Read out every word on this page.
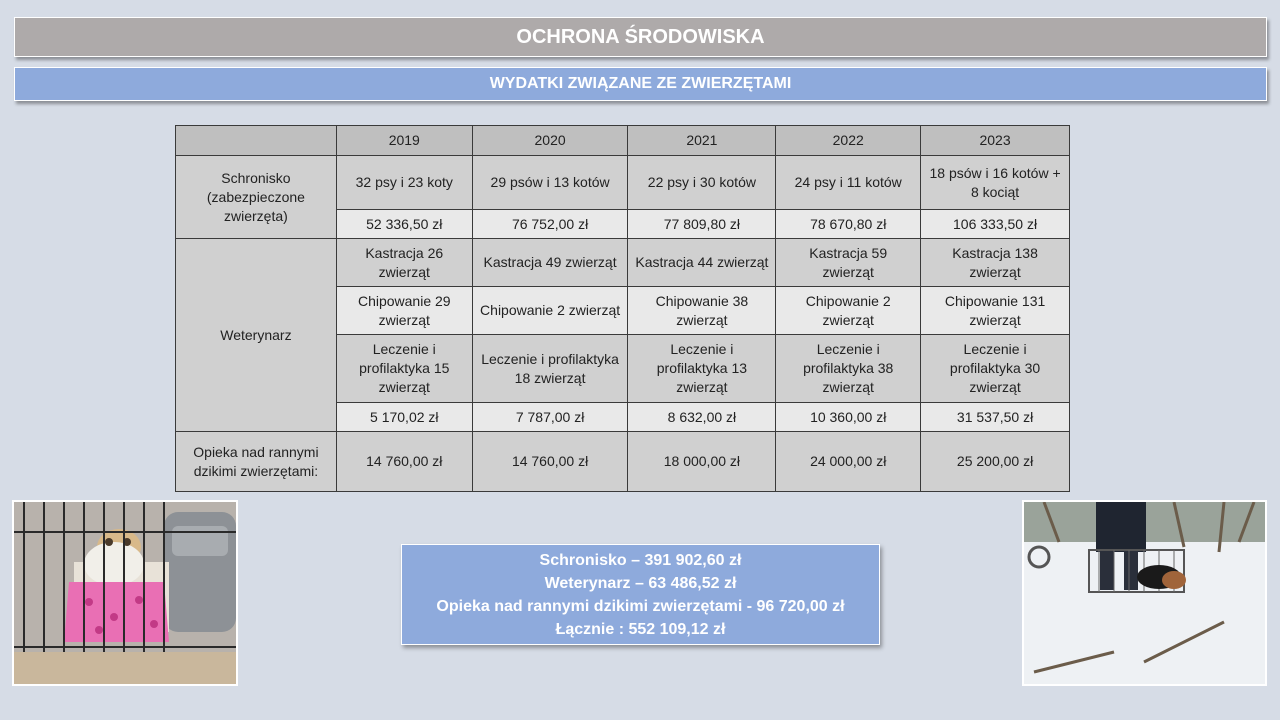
OCHRONA ŚRODOWISKA
WYDATKI ZWIĄZANE ZE ZWIERZĘTAMI
	2019	2020	2021	2022	2023
Schronisko (zabezpieczone zwierzęta)	32 psy i 23 koty	29 psów i 13 kotów	22 psy i 30 kotów	24 psy i 11 kotów	18 psów i 16 kotów + 8 kociąt
	52 336,50 zł	76 752,00 zł	77 809,80 zł	78 670,80 zł	106 333,50 zł
Weterynarz	Kastracja 26 zwierząt	Kastracja 49 zwierząt	Kastracja 44 zwierząt	Kastracja 59 zwierząt	Kastracja 138 zwierząt
	Chipowanie 29 zwierząt	Chipowanie 2 zwierząt	Chipowanie 38 zwierząt	Chipowanie 2 zwierząt	Chipowanie 131 zwierząt
	Leczenie i profilaktyka 15 zwierząt	Leczenie i profilaktyka 18 zwierząt	Leczenie i profilaktyka 13 zwierząt	Leczenie i profilaktyka 38 zwierząt	Leczenie i profilaktyka 30 zwierząt
	5 170,02 zł	7 787,00 zł	8 632,00 zł	10 360,00 zł	31 537,50 zł
Opieka nad rannymi dzikimi zwierzętami:	14 760,00 zł	14 760,00 zł	18 000,00 zł	24 000,00 zł	25 200,00 zł
Schronisko – 391 902,60 zł
Weterynarz – 63 486,52 zł
Opieka nad rannymi dzikimi zwierzętami - 96 720,00 zł
Łącznie : 552 109,12 zł
